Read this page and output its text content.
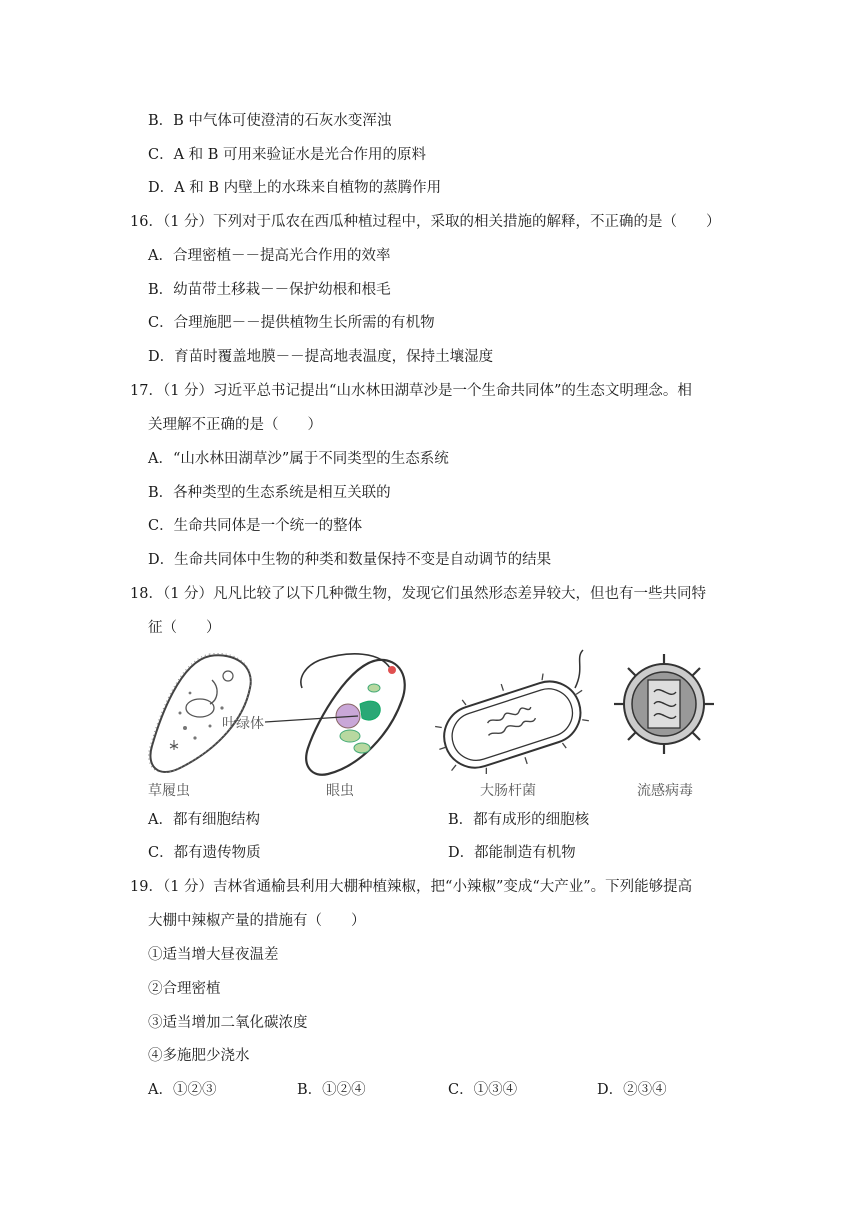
B．B 中气体可使澄清的石灰水变浑浊
C．A 和 B 可用来验证水是光合作用的原料
D．A 和 B 内壁上的水珠来自植物的蒸腾作用
16．（1 分）下列对于瓜农在西瓜种植过程中，采取的相关措施的解释，不正确的是（　　）
A．合理密植－－提高光合作用的效率
B．幼苗带土移栽－－保护幼根和根毛
C．合理施肥－－提供植物生长所需的有机物
D．育苗时覆盖地膜－－提高地表温度，保持土壤湿度
17．（1 分）习近平总书记提出“山水林田湖草沙是一个生命共同体”的生态文明理念。相
关理解不正确的是（　　）
A．“山水林田湖草沙”属于不同类型的生态系统
B．各种类型的生态系统是相互关联的
C．生命共同体是一个统一的整体
D．生命共同体中生物的种类和数量保持不变是自动调节的结果
18．（1 分）凡凡比较了以下几种微生物，发现它们虽然形态差异较大，但也有一些共同特
征（　　）
叶绿体
草履虫	眼虫	大肠杆菌	流感病毒
A．都有细胞结构	B．都有成形的细胞核
C．都有遗传物质	D．都能制造有机物
19．（1 分）吉林省通榆县利用大棚种植辣椒，把“小辣椒”变成“大产业”。下列能够提高
大棚中辣椒产量的措施有（　　）
①适当增大昼夜温差
②合理密植
③适当增加二氧化碳浓度
④多施肥少浇水
A．①②③	B．①②④	C．①③④	D．②③④
